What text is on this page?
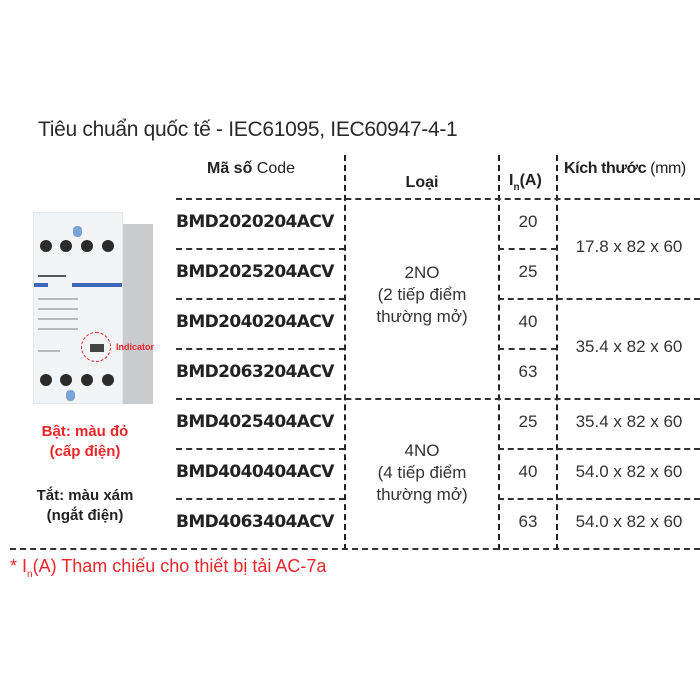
Tiêu chuẩn quốc tế - IEC61095, IEC60947-4-1
Mã số Code
Loại	$I_n(A)$
Kích thước (mm)
BMD2020204ACV
BMD2025204ACV
BMD2040204ACV
BMD2063204ACV
BMD4025404ACV
BMD4040404ACV
BMD4063404ACV
2NO
(2 tiếp điểm
thường mở)
4NO
(4 tiếp điểm
thường mở)
20
25
40
63
25
40
63
17.8 x 82 x 60
35.4 x 82 x 60
35.4 x 82 x 60
54.0 x 82 x 60
54.0 x 82 x 60
Indicator
Bật: màu đỏ
(cấp điện)
Tắt: màu xám
(ngắt điện)
* $I_n(A)$ Tham chiếu cho thiết bị tải AC-7a
